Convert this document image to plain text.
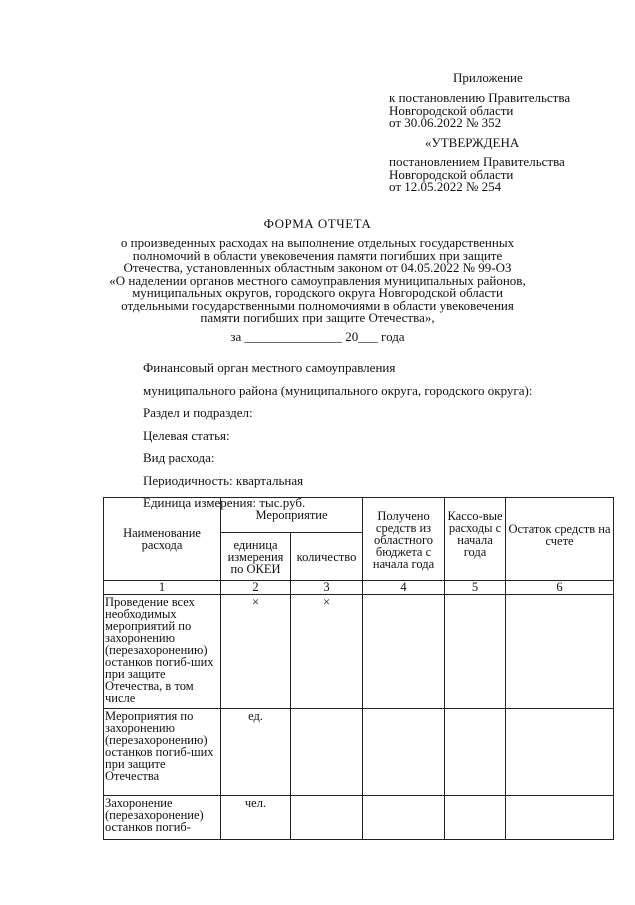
Приложение
к постановлению Правительства
Новгородской области
от 30.06.2022 № 352
«УТВЕРЖДЕНА
постановлением Правительства
Новгородской области
от 12.05.2022 № 254
ФОРМА ОТЧЕТА
о произведенных расходах на выполнение отдельных государственных
полномочий в области увековечения памяти погибших при защите
Отечества, установленных областным законом от 04.05.2022 № 99-ОЗ
«О наделении органов местного самоуправления муниципальных районов,
муниципальных округов, городского округа Новгородской области
отдельными государственными полномочиями в области увековечения
памяти погибших при защите Отечества»,
за _______________ 20___ года
Финансовый орган местного самоуправления
муниципального района (муниципального округа, городского округа):
Раздел и подраздел:
Целевая статья:
Вид расхода:
Периодичность: квартальная
Единица измерения: тыс.руб.
Наименование расхода	Мероприятие		Получено средств из областного бюджета с начала года	Кассо-вые расходы с начала года	Остаток средств на счете
	единица измерения по ОКЕИ	количество			
1	2	3	4	5	6
Проведение всех необходимых мероприятий по захоронению (перезахоронению) останков погиб-ших при защите Отечества, в том числе	×	×			
Мероприятия по захоронению (перезахоронению) останков погиб-ших при защите Отечества	ед.				
Захоронение (перезахоронение) останков погиб-	чел.				
